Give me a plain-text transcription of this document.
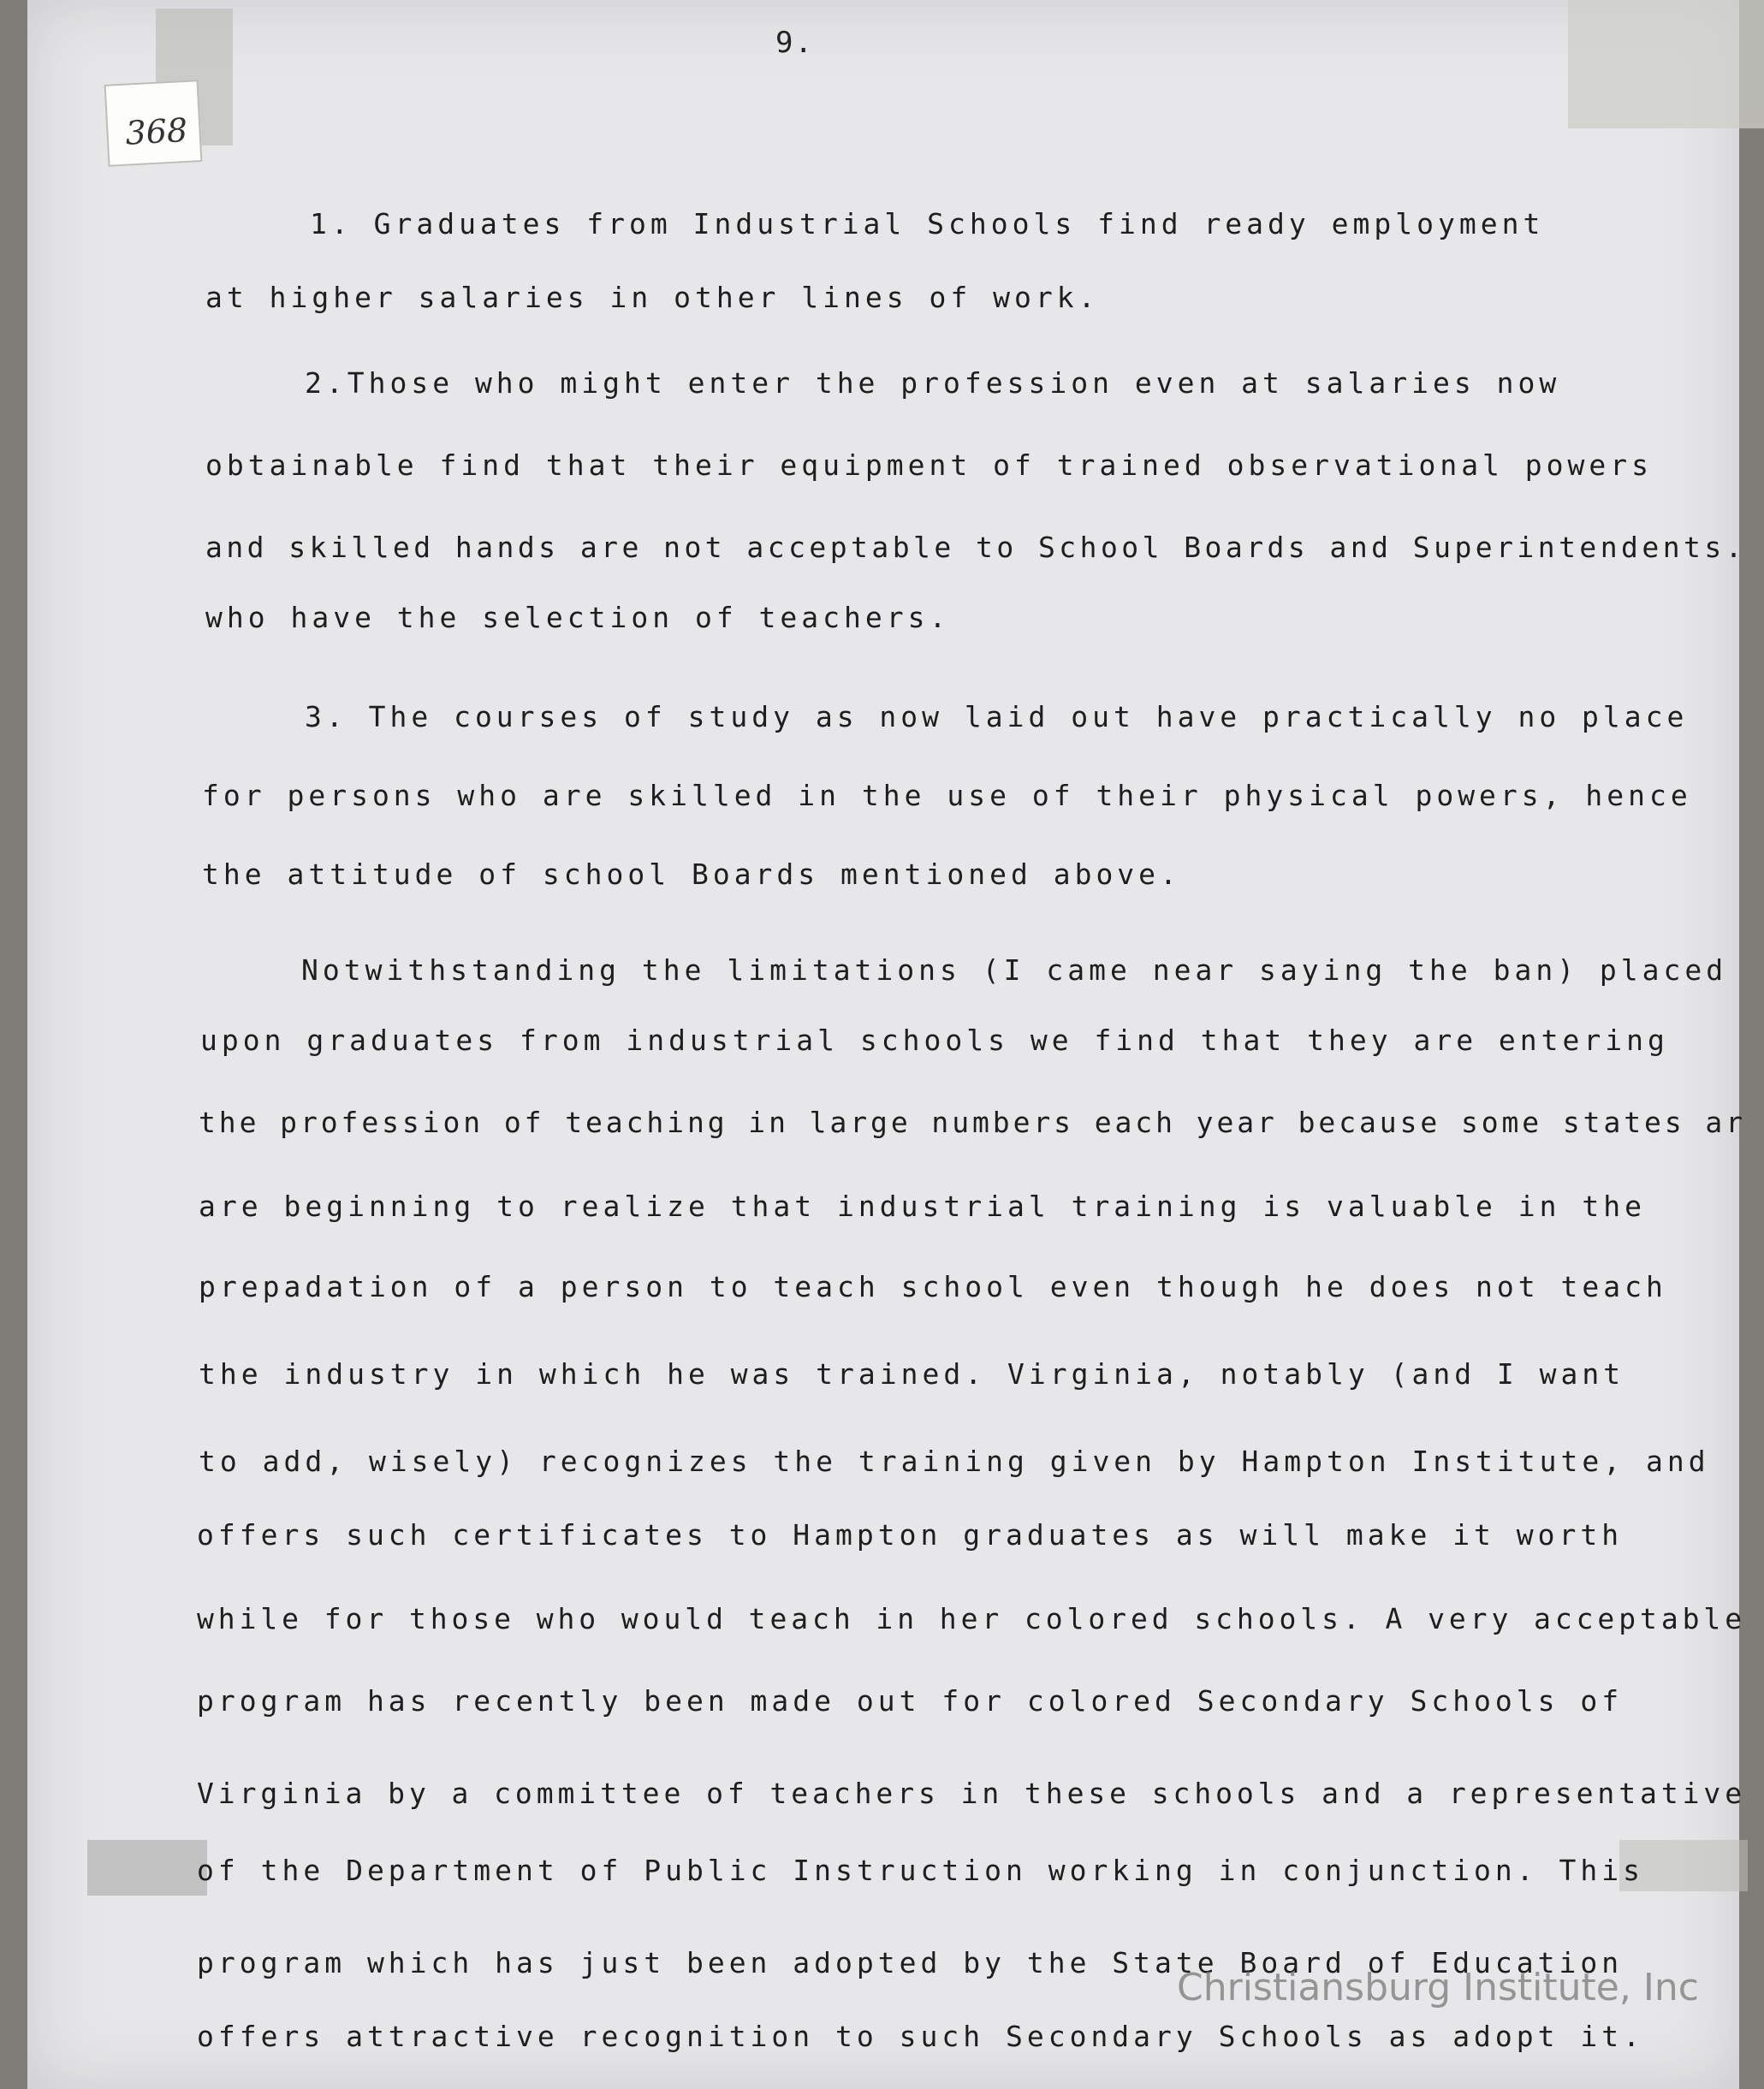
9.
368
1. Graduates from Industrial Schools find ready employment
at higher salaries in other lines of work.
2.Those who might enter the profession even at salaries now
obtainable find that their equipment of trained observational powers
and skilled hands are not acceptable to School Boards and Superintendents.
who have the selection of teachers.
3. The courses of study as now laid out have practically no place
for persons who are skilled in the use of their physical powers, hence
the attitude of school Boards mentioned above.
Notwithstanding the limitations (I came near saying the ban) placed
upon graduates from industrial schools we find that they are entering
the profession of teaching in large numbers each year because some states ar
are beginning to realize that industrial training is valuable in the
prepadation of a person to teach school even though he does not teach
the industry in which he was trained. Virginia, notably (and I want
to add, wisely) recognizes the training given by Hampton Institute, and
offers such certificates to Hampton graduates as will make it worth
while for those who would teach in her colored schools. A very acceptable
program has recently been made out for colored Secondary Schools of
Virginia by a committee of teachers in these schools and a representative
of the Department of Public Instruction working in conjunction. This
program which has just been adopted by the State Board of Education
offers attractive recognition to such Secondary Schools as adopt it.
Christiansburg Institute, Inc
